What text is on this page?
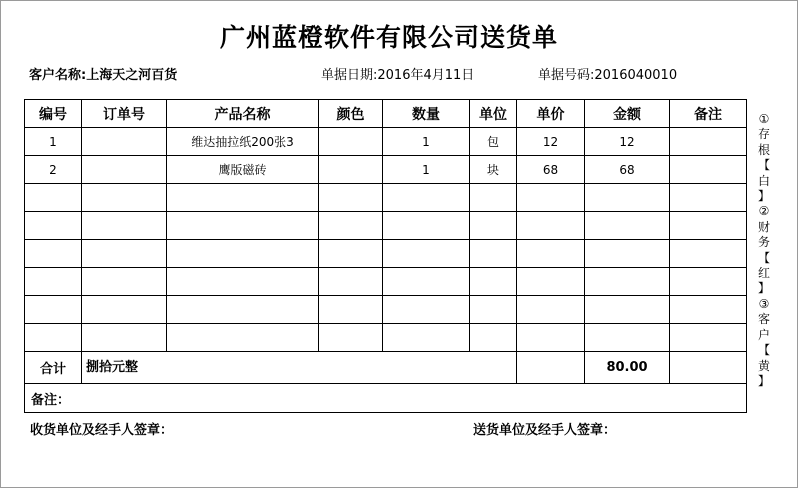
广州蓝橙软件有限公司送货单
客户名称:上海天之河百货	单据日期:2016年4月11日	单据号码:2016040010
编号	订单号	产品名称	颜色	数量	单位	单价	金额	备注
1		维达抽拉纸200张3		1	包	12	12	
2		鹰版磁砖		1	块	68	68	

合计	捌拾元整						80.00	
备注：								
①
存
根
【
白
】
②
财
务
【
红
】
③
客
户
【
黄
】
收货单位及经手人签章：	送货单位及经手人签章：
